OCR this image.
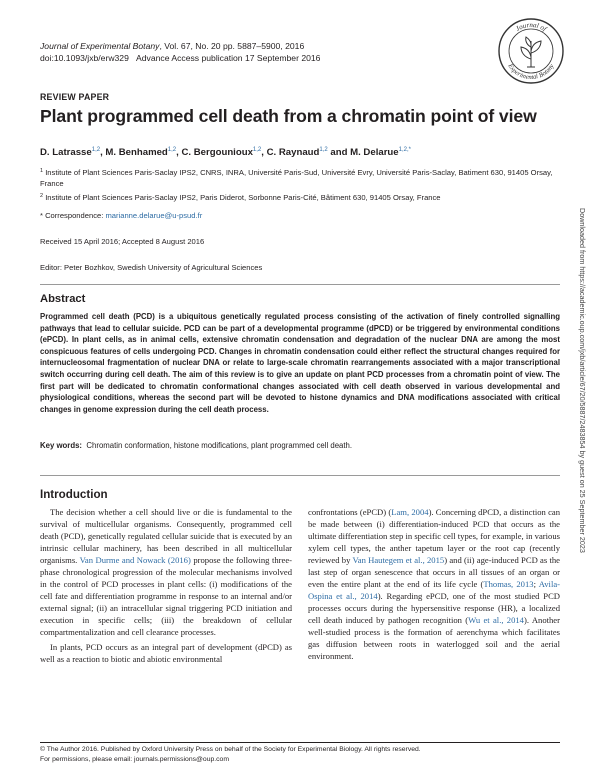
Journal of Experimental Botany, Vol. 67, No. 20 pp. 5887–5900, 2016
doi:10.1093/jxb/erw329 Advance Access publication 17 September 2016
Journal of
Experimental Botany
REVIEW PAPER
Plant programmed cell death from a chromatin point of view
D. Latrasse$^{1,2}$, M. Benhamed$^{1,2}$, C. Bergounioux$^{1,2}$, C. Raynaud$^{1,2}$ and M. Delarue$^{1,2,*}$
$^1$ Institute of Plant Sciences Paris-Saclay IPS2, CNRS, INRA, Université Paris-Sud, Université Evry, Université Paris-Saclay, Batiment 630, 91405 Orsay, France
$^2$ Institute of Plant Sciences Paris-Saclay IPS2, Paris Diderot, Sorbonne Paris-Cité, Bâtiment 630, 91405 Orsay, France
* Correspondence: marianne.delarue@u-psud.fr
Received 15 April 2016; Accepted 8 August 2016
Editor: Peter Bozhkov, Swedish University of Agricultural Sciences
Abstract
Programmed cell death (PCD) is a ubiquitous genetically regulated process consisting of the activation of finely controlled signalling pathways that lead to cellular suicide. PCD can be part of a developmental programme (dPCD) or be triggered by environmental conditions (ePCD). In plant cells, as in animal cells, extensive chromatin condensation and degradation of the nuclear DNA are among the most conspicuous features of cells undergoing PCD. Changes in chromatin condensation could either reflect the structural changes required for internucleosomal fragmentation of nuclear DNA or relate to large-scale chromatin rearrangements associated with a major transcriptional switch occurring during cell death. The aim of this review is to give an update on plant PCD processes from a chromatin point of view. The first part will be dedicated to chromatin conformational changes associated with cell death observed in various developmental and physiological conditions, whereas the second part will be devoted to histone dynamics and DNA modifications associated with critical changes in genome expression during the cell death process.
Key words: Chromatin conformation, histone modifications, plant programmed cell death.
Introduction

The decision whether a cell should live or die is fundamental to the survival of multicellular organisms. Consequently, programmed cell death (PCD), genetically regulated cellular suicide that is executed by an intrinsic cellular machinery, has been described in all multicellular organisms. Van Durme and Nowack (2016) propose the following three-phase chronological progression of the molecular mechanisms involved in the control of PCD processes in plant cells: (i) modifications of the cell fate and differentiation programme in response to an internal and/or external signal; (ii) an intracellular signal triggering PCD initiation and execution in specific cells; (iii) the breakdown of cellular compartmentalization and cell clearance processes.

In plants, PCD occurs as an integral part of development (dPCD) as well as a reaction to biotic and abiotic environmental

confrontations (ePCD) (Lam, 2004). Concerning dPCD, a distinction can be made between (i) differentiation-induced PCD that occurs as the ultimate differentiation step in specific cell types, for example, in various xylem cell types, the anther tapetum layer or the root cap (recently reviewed by Van Hautegem et al., 2015) and (ii) age-induced PCD as the last step of organ senescence that occurs in all tissues of an organ or even the entire plant at the end of its life cycle (Thomas, 2013; Avila-Ospina et al., 2014). Regarding ePCD, one of the most studied PCD processes occurs during the hypersensitive response (HR), a localized cell death induced by pathogen recognition (Wu et al., 2014). Another well-studied process is the formation of aerenchyma which facilitates gas diffusion between roots in waterlogged soil and the aerial environment.

© The Author 2016. Published by Oxford University Press on behalf of the Society for Experimental Biology. All rights reserved.
For permissions, please email: journals.permissions@oup.com
Downloaded from https://academic.oup.com/jxb/article/67/20/5887/2483854 by guest on 25 September 2023
